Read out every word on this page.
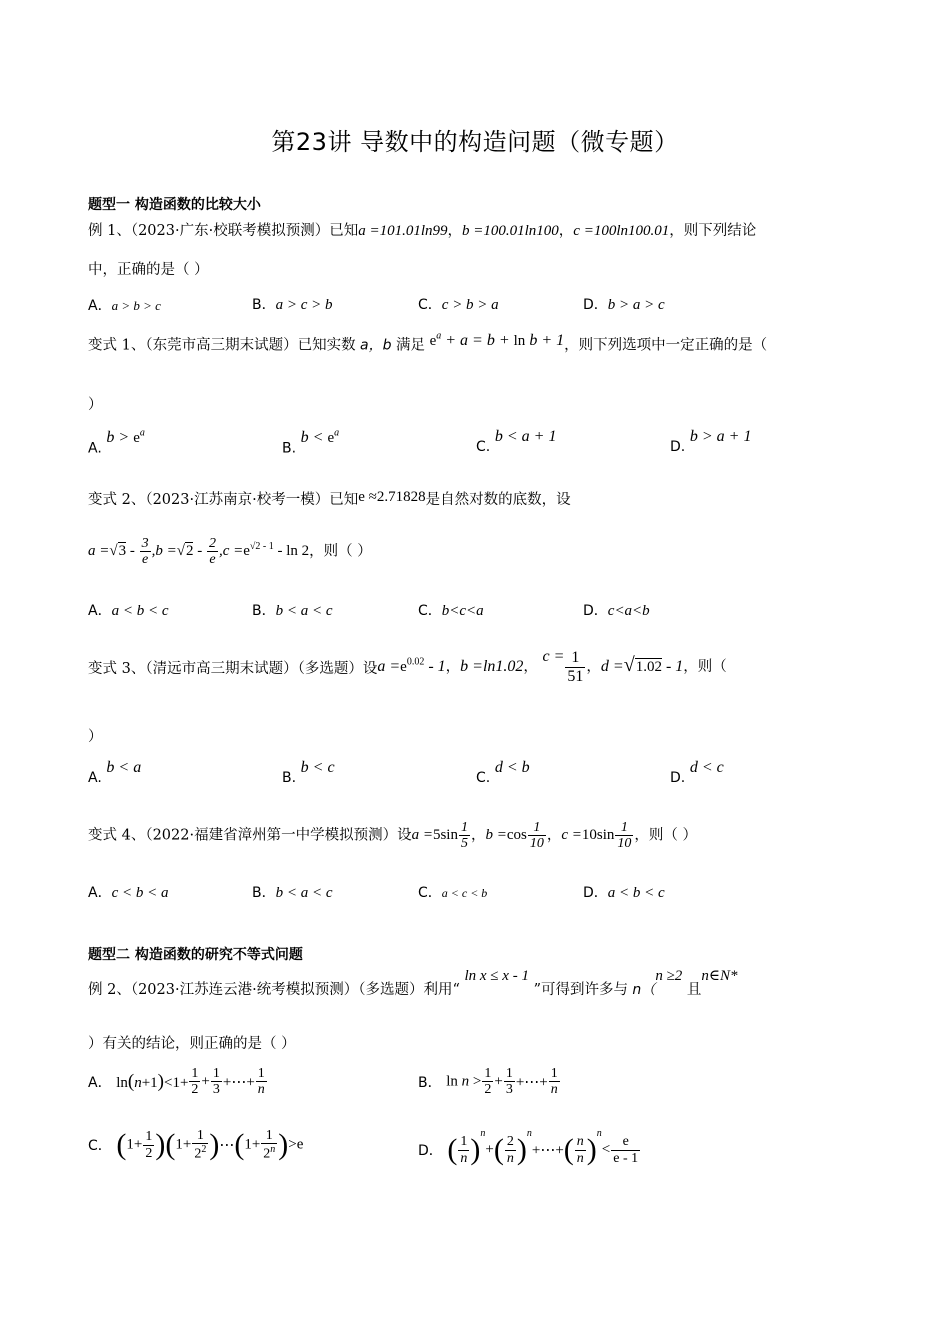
第23讲 导数中的构造问题（微专题）
题型一 构造函数的比较大小
例 1、（2023·广东·校联考模拟预测）已知a =101.01ln99，b =100.01ln100，c =100ln100.01，则下列结论
中，正确的是（ ）
A．a > b > c	B．a > c > b	C．c > b > a	D．b > a > c
变式 1、（东莞市高三期末试题）已知实数 a，b 满足 $e^a + a = b + \ln b + 1$，则下列选项中一定正确的是（
）
A. $b > e^a$
B. $b < e^a$
C. b < a + 1
D. b > a + 1
变式 2、（2023·江苏南京·校考一模）已知e ≈2.71828是自然对数的底数，设
$a =√3 - \frac{3}{e} ,b =√2 - \frac{2}{e} ,c =e^{√2 - 1} - \ln 2$，则（ ）
A．a < b < c	B．b < a < c	C．b<c<a	D．c<a<b
变式 3、（清远市高三期末试题）（多选题）设$a =e^{0.02} - 1$，b =ln1.02， $c = \frac{1}{51}$ ，d =√1.02 - 1，则（
）
A. b < a
B. b < c
C. d < b
D. d < c
变式 4、（2022·福建省漳州第一中学模拟预测）设$a =5\sin \frac{1}{5}$ ，$b =\cos \frac{1}{10}$ ，$c =10\sin \frac{1}{10}$ ，则（ ）
A．c < b < a	B．b < a < c	C．a < c < b	D．a < b < c
题型二 构造函数的研究不等式问题
例 2、（2023·江苏连云港·统考模拟预测）（多选题）利用“ ln x ≤ x - 1 ”可得到许多与 n（n ≥2 且n∈N*
）有关的结论，则正确的是（ ）
A． $\ln(n+1)<1+ \frac{1}{2} + \frac{1}{3}$ +⋯+ $\frac{1}{n}$	B． $\ln n > \frac{1}{2} + \frac{1}{3}$ +⋯+ $\frac{1}{n}$
C． $(1+ \frac{1}{2} )(1+ \frac{1}{2^2}$ )⋯(1+ $\frac{1}{2^n} )>e$	D． ( $\frac{1}{n} )^n+( \frac{2}{n}$ )$^n+\cdots+( \frac{n}{n} )^n< \frac{e}{e - 1}$
